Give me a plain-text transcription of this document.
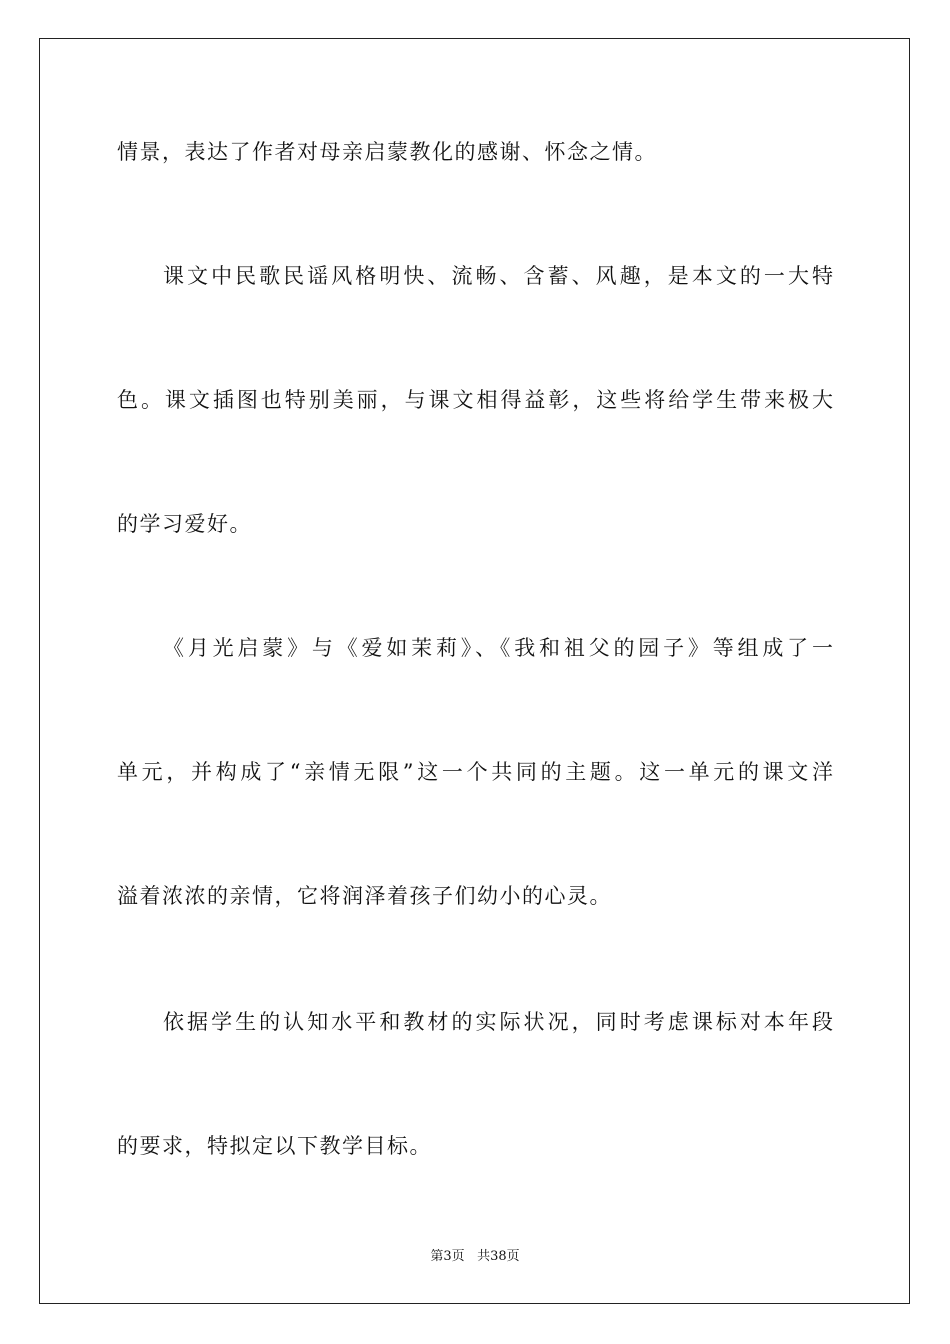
情景，表达了作者对母亲启蒙教化的感谢、怀念之情。
课文中民歌民谣风格明快、流畅、含蓄、风趣，是本文的一大特
色。课文插图也特别美丽，与课文相得益彰，这些将给学生带来极大
的学习爱好。
《月光启蒙》与《爱如茉莉》、《我和祖父的园子》等组成了一
单元，并构成了“亲情无限”这一个共同的主题。这一单元的课文洋
溢着浓浓的亲情，它将润泽着孩子们幼小的心灵。
依据学生的认知水平和教材的实际状况，同时考虑课标对本年段
的要求，特拟定以下教学目标。
第3页 共38页
